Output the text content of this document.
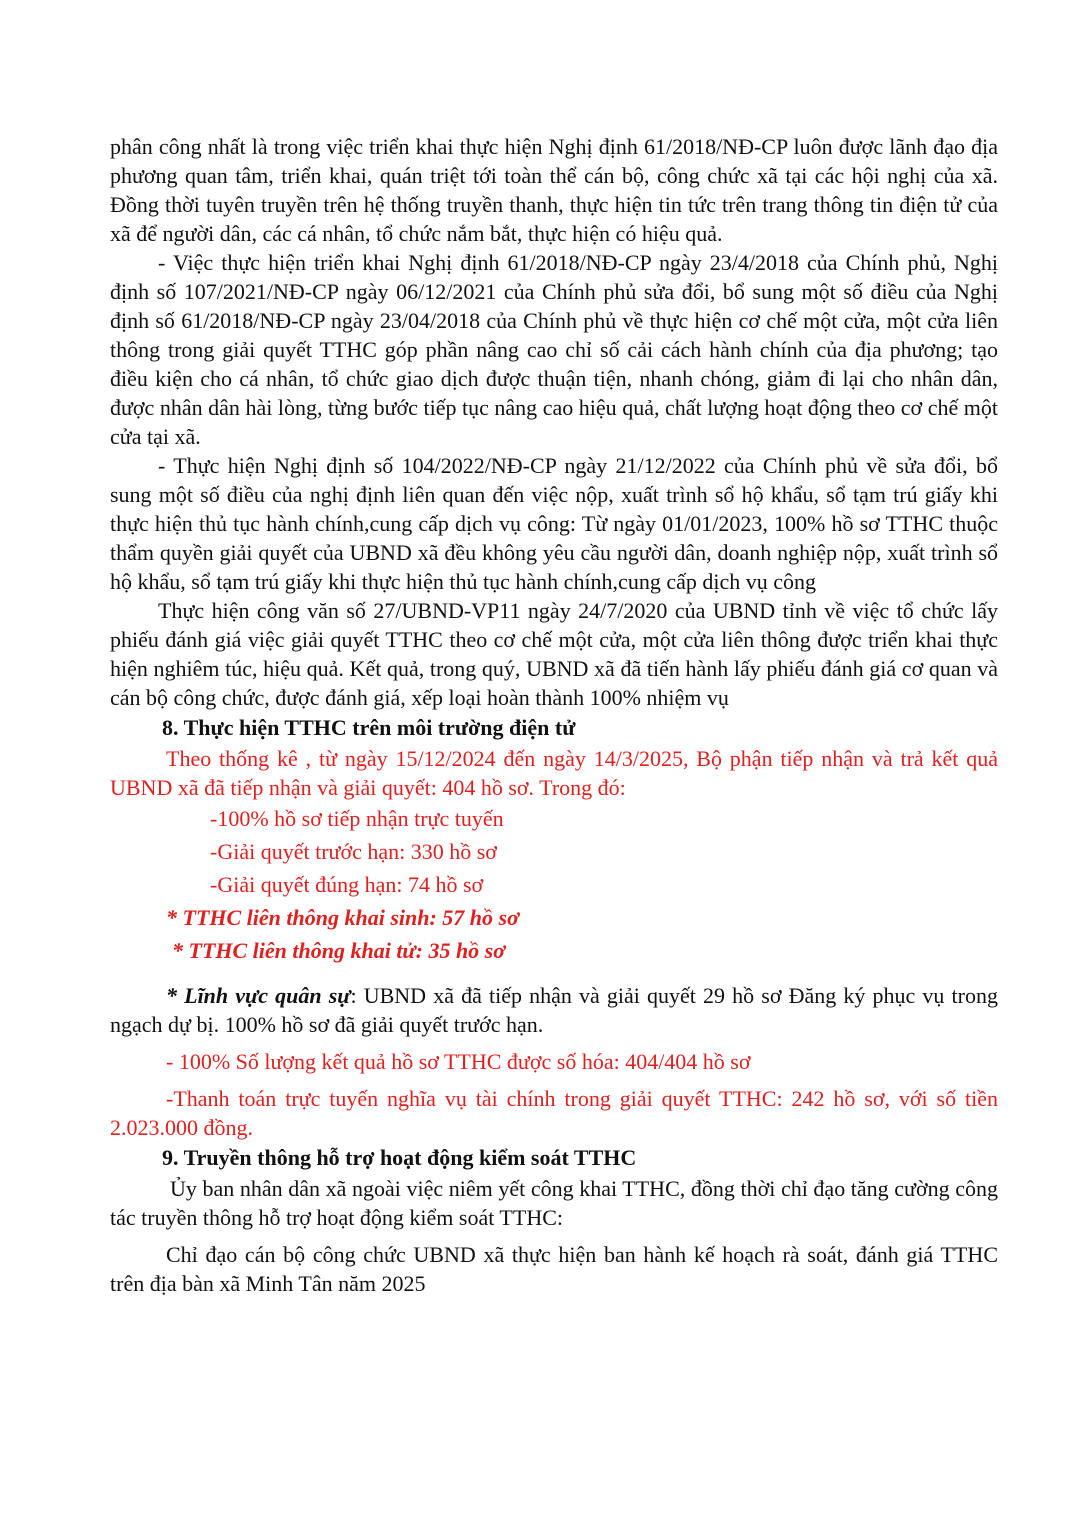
phân công nhất là trong việc triển khai thực hiện Nghị định 61/2018/NĐ-CP luôn được lãnh đạo địa phương quan tâm, triển khai, quán triệt tới toàn thể cán bộ, công chức xã tại các hội nghị của xã. Đồng thời tuyên truyền trên hệ thống truyền thanh, thực hiện tin tức trên trang thông tin điện tử của xã để người dân, các cá nhân, tổ chức nắm bắt, thực hiện có hiệu quả.

- Việc thực hiện triển khai Nghị định 61/2018/NĐ-CP ngày 23/4/2018 của Chính phủ, Nghị định số 107/2021/NĐ-CP ngày 06/12/2021 của Chính phủ sửa đổi, bổ sung một số điều của Nghị định số 61/2018/NĐ-CP ngày 23/04/2018 của Chính phủ về thực hiện cơ chế một cửa, một cửa liên thông trong giải quyết TTHC góp phần nâng cao chỉ số cải cách hành chính của địa phương; tạo điều kiện cho cá nhân, tổ chức giao dịch được thuận tiện, nhanh chóng, giảm đi lại cho nhân dân, được nhân dân hài lòng, từng bước tiếp tục nâng cao hiệu quả, chất lượng hoạt động theo cơ chế một cửa tại xã.

- Thực hiện Nghị định số 104/2022/NĐ-CP ngày 21/12/2022 của Chính phủ về sửa đổi, bổ sung một số điều của nghị định liên quan đến việc nộp, xuất trình sổ hộ khẩu, sổ tạm trú giấy khi thực hiện thủ tục hành chính,cung cấp dịch vụ công: Từ ngày 01/01/2023, 100% hồ sơ TTHC thuộc thẩm quyền giải quyết của UBND xã đều không yêu cầu người dân, doanh nghiệp nộp, xuất trình sổ hộ khẩu, sổ tạm trú giấy khi thực hiện thủ tục hành chính,cung cấp dịch vụ công

Thực hiện công văn số 27/UBND-VP11 ngày 24/7/2020 của UBND tỉnh về việc tổ chức lấy phiếu đánh giá việc giải quyết TTHC theo cơ chế một cửa, một cửa liên thông được triển khai thực hiện nghiêm túc, hiệu quả. Kết quả, trong quý, UBND xã đã tiến hành lấy phiếu đánh giá cơ quan và cán bộ công chức, được đánh giá, xếp loại hoàn thành 100% nhiệm vụ

8. Thực hiện TTHC trên môi trường điện tử

Theo thống kê , từ ngày 15/12/2024 đến ngày 14/3/2025, Bộ phận tiếp nhận và trả kết quả UBND xã đã tiếp nhận và giải quyết: 404 hồ sơ. Trong đó:

-100% hồ sơ tiếp nhận trực tuyến

-Giải quyết trước hạn: 330 hồ sơ

-Giải quyết đúng hạn: 74 hồ sơ

* TTHC liên thông khai sinh: 57 hồ sơ

* TTHC liên thông khai tử: 35 hồ sơ

* Lĩnh vực quân sự: UBND xã đã tiếp nhận và giải quyết 29 hồ sơ Đăng ký phục vụ trong ngạch dự bị. 100% hồ sơ đã giải quyết trước hạn.

- 100% Số lượng kết quả hồ sơ TTHC được số hóa: 404/404 hồ sơ

-Thanh toán trực tuyến nghĩa vụ tài chính trong giải quyết TTHC: 242 hồ sơ, với số tiền 2.023.000 đồng.

9. Truyền thông hỗ trợ hoạt động kiểm soát TTHC

Ủy ban nhân dân xã ngoài việc niêm yết công khai TTHC, đồng thời chỉ đạo tăng cường công tác truyền thông hỗ trợ hoạt động kiểm soát TTHC:

Chỉ đạo cán bộ công chức UBND xã thực hiện ban hành kế hoạch rà soát, đánh giá TTHC trên địa bàn xã Minh Tân năm 2025
